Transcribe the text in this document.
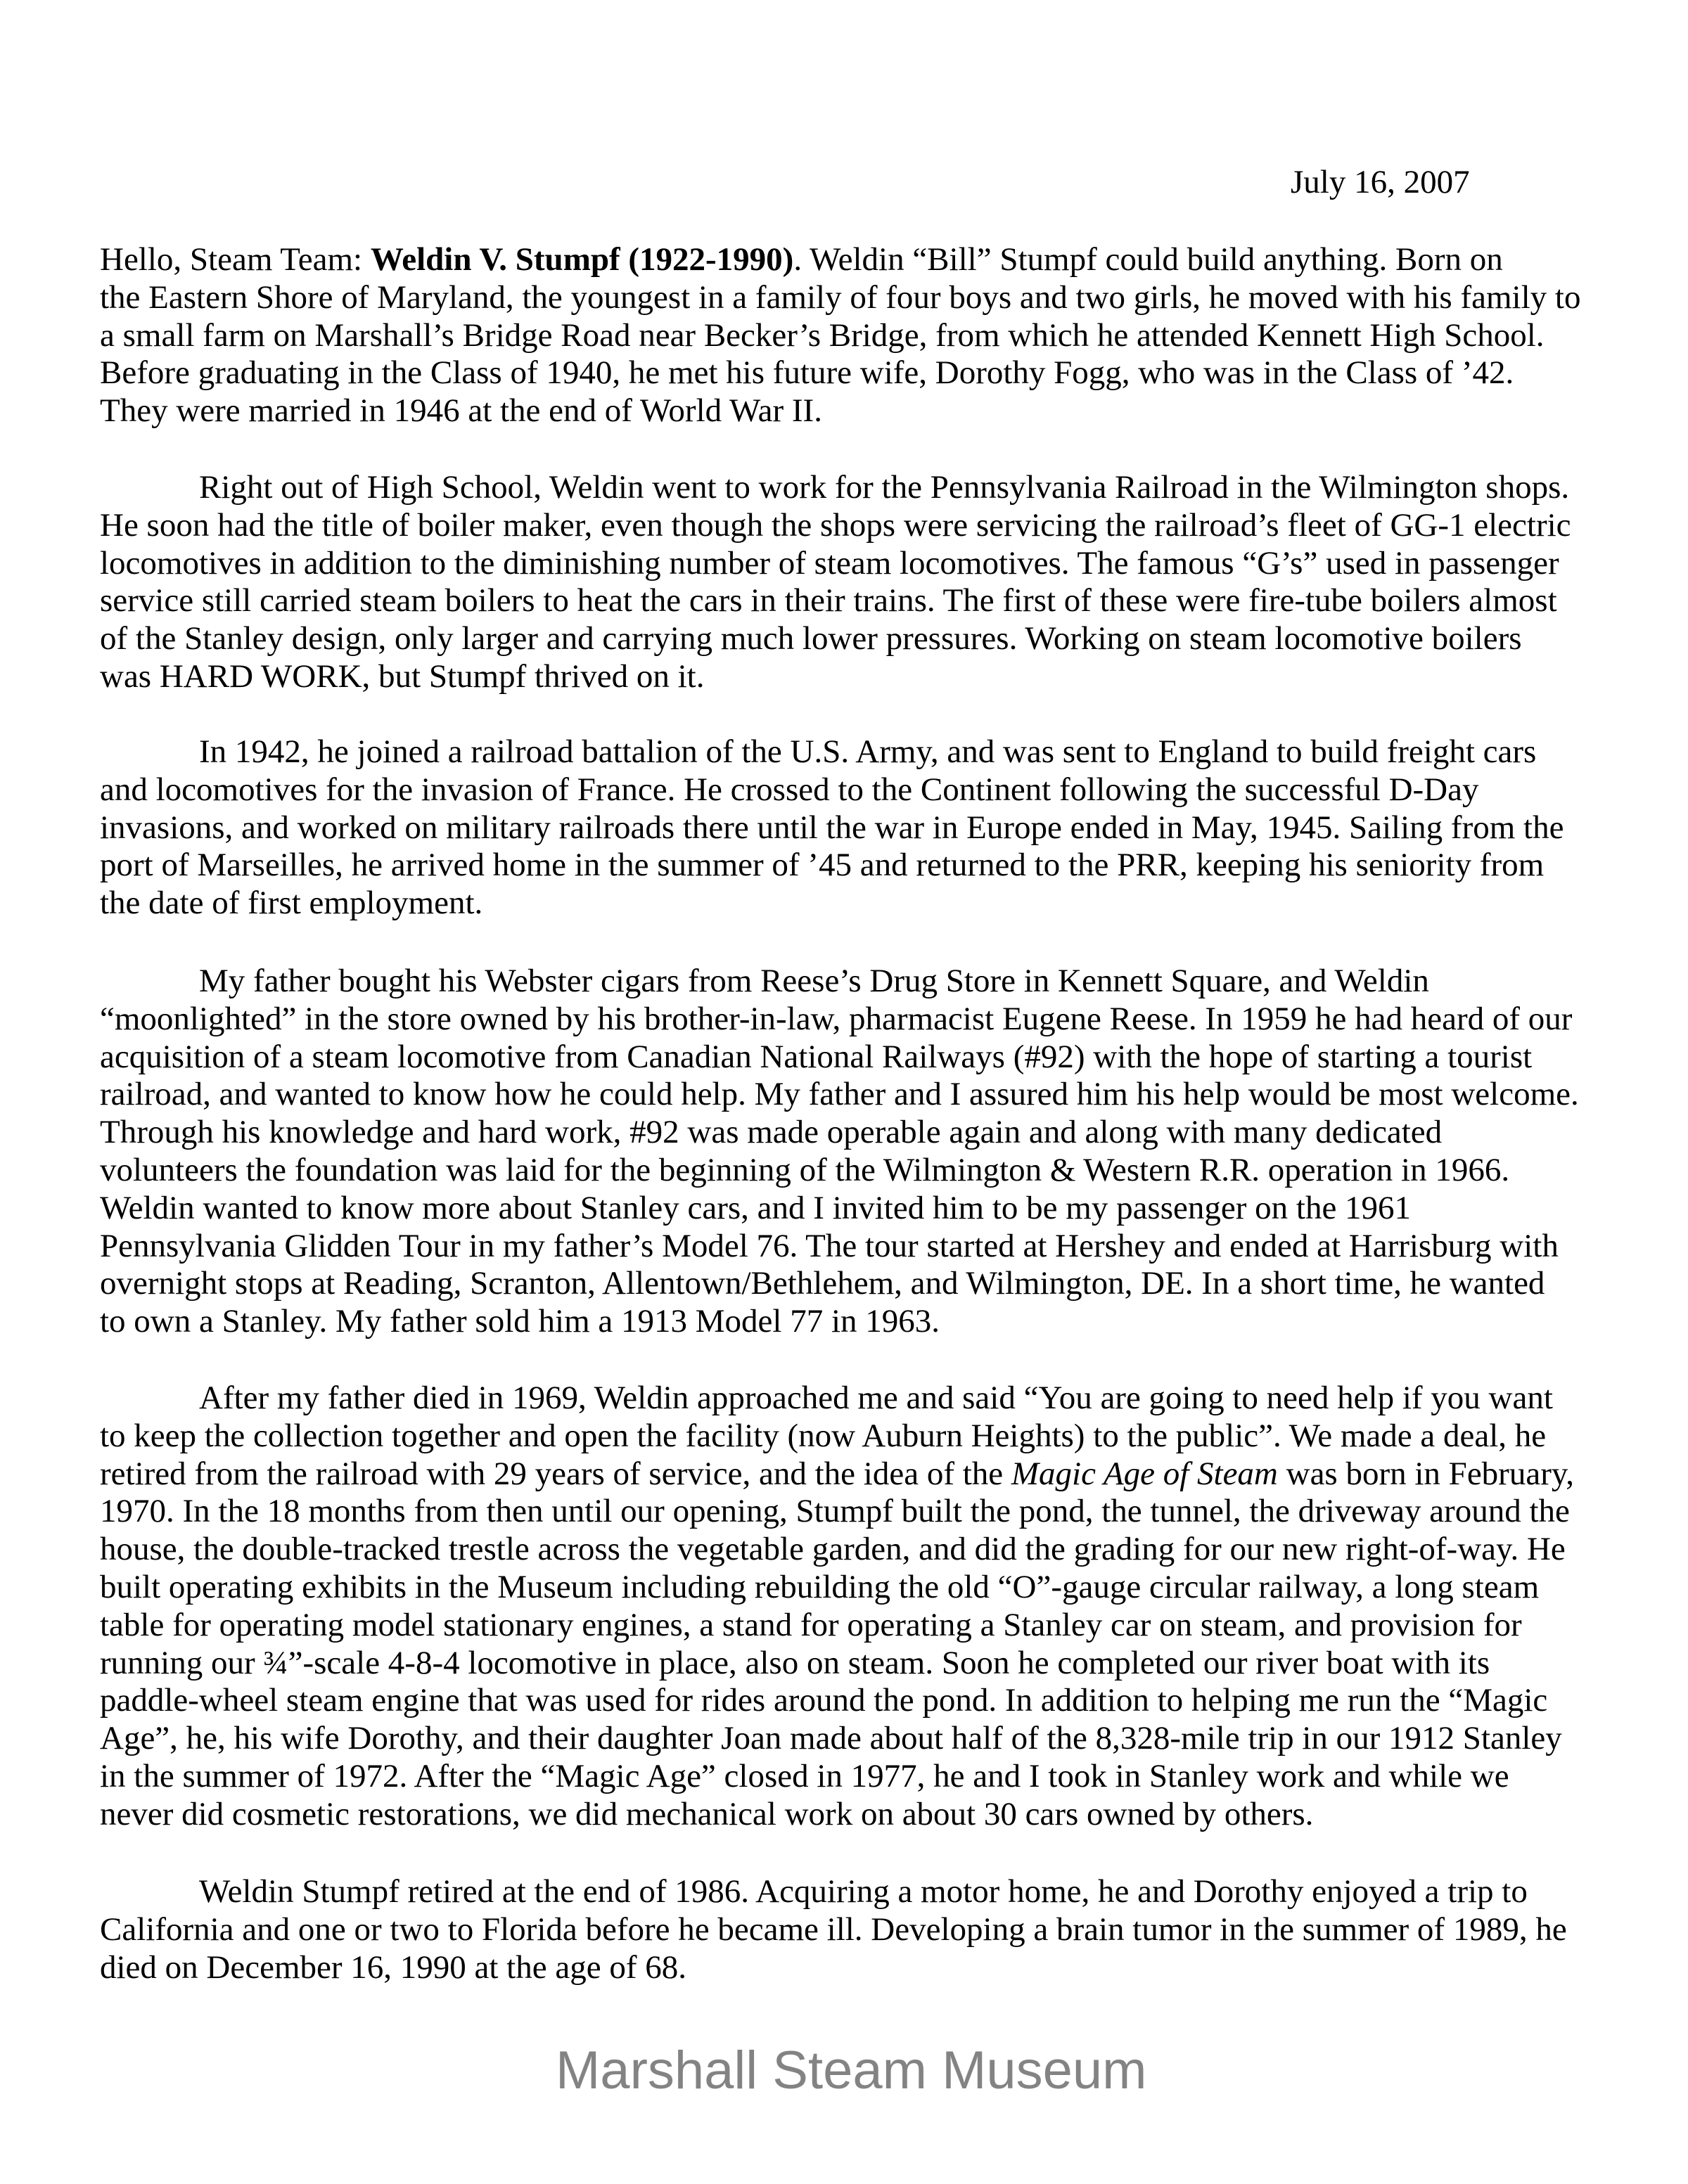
July 16, 2007
Hello, Steam Team: Weldin V. Stumpf (1922-1990). Weldin “Bill” Stumpf could build anything. Born on
the Eastern Shore of Maryland, the youngest in a family of four boys and two girls, he moved with his family to
a small farm on Marshall’s Bridge Road near Becker’s Bridge, from which he attended Kennett High School.
Before graduating in the Class of 1940, he met his future wife, Dorothy Fogg, who was in the Class of ’42.
They were married in 1946 at the end of World War II.
Right out of High School, Weldin went to work for the Pennsylvania Railroad in the Wilmington shops.
He soon had the title of boiler maker, even though the shops were servicing the railroad’s fleet of GG-1 electric
locomotives in addition to the diminishing number of steam locomotives. The famous “G’s” used in passenger
service still carried steam boilers to heat the cars in their trains. The first of these were fire-tube boilers almost
of the Stanley design, only larger and carrying much lower pressures. Working on steam locomotive boilers
was HARD WORK, but Stumpf thrived on it.
In 1942, he joined a railroad battalion of the U.S. Army, and was sent to England to build freight cars
and locomotives for the invasion of France. He crossed to the Continent following the successful D-Day
invasions, and worked on military railroads there until the war in Europe ended in May, 1945. Sailing from the
port of Marseilles, he arrived home in the summer of ’45 and returned to the PRR, keeping his seniority from
the date of first employment.
My father bought his Webster cigars from Reese’s Drug Store in Kennett Square, and Weldin
“moonlighted” in the store owned by his brother-in-law, pharmacist Eugene Reese. In 1959 he had heard of our
acquisition of a steam locomotive from Canadian National Railways (#92) with the hope of starting a tourist
railroad, and wanted to know how he could help. My father and I assured him his help would be most welcome.
Through his knowledge and hard work, #92 was made operable again and along with many dedicated
volunteers the foundation was laid for the beginning of the Wilmington & Western R.R. operation in 1966.
Weldin wanted to know more about Stanley cars, and I invited him to be my passenger on the 1961
Pennsylvania Glidden Tour in my father’s Model 76. The tour started at Hershey and ended at Harrisburg with
overnight stops at Reading, Scranton, Allentown/Bethlehem, and Wilmington, DE. In a short time, he wanted
to own a Stanley. My father sold him a 1913 Model 77 in 1963.
After my father died in 1969, Weldin approached me and said “You are going to need help if you want
to keep the collection together and open the facility (now Auburn Heights) to the public”. We made a deal, he
retired from the railroad with 29 years of service, and the idea of the Magic Age of Steam was born in February,
1970. In the 18 months from then until our opening, Stumpf built the pond, the tunnel, the driveway around the
house, the double-tracked trestle across the vegetable garden, and did the grading for our new right-of-way. He
built operating exhibits in the Museum including rebuilding the old “O”-gauge circular railway, a long steam
table for operating model stationary engines, a stand for operating a Stanley car on steam, and provision for
running our ¾”-scale 4-8-4 locomotive in place, also on steam. Soon he completed our river boat with its
paddle-wheel steam engine that was used for rides around the pond. In addition to helping me run the “Magic
Age”, he, his wife Dorothy, and their daughter Joan made about half of the 8,328-mile trip in our 1912 Stanley
in the summer of 1972. After the “Magic Age” closed in 1977, he and I took in Stanley work and while we
never did cosmetic restorations, we did mechanical work on about 30 cars owned by others.
Weldin Stumpf retired at the end of 1986. Acquiring a motor home, he and Dorothy enjoyed a trip to
California and one or two to Florida before he became ill. Developing a brain tumor in the summer of 1989, he
died on December 16, 1990 at the age of 68.
Marshall Steam Museum
